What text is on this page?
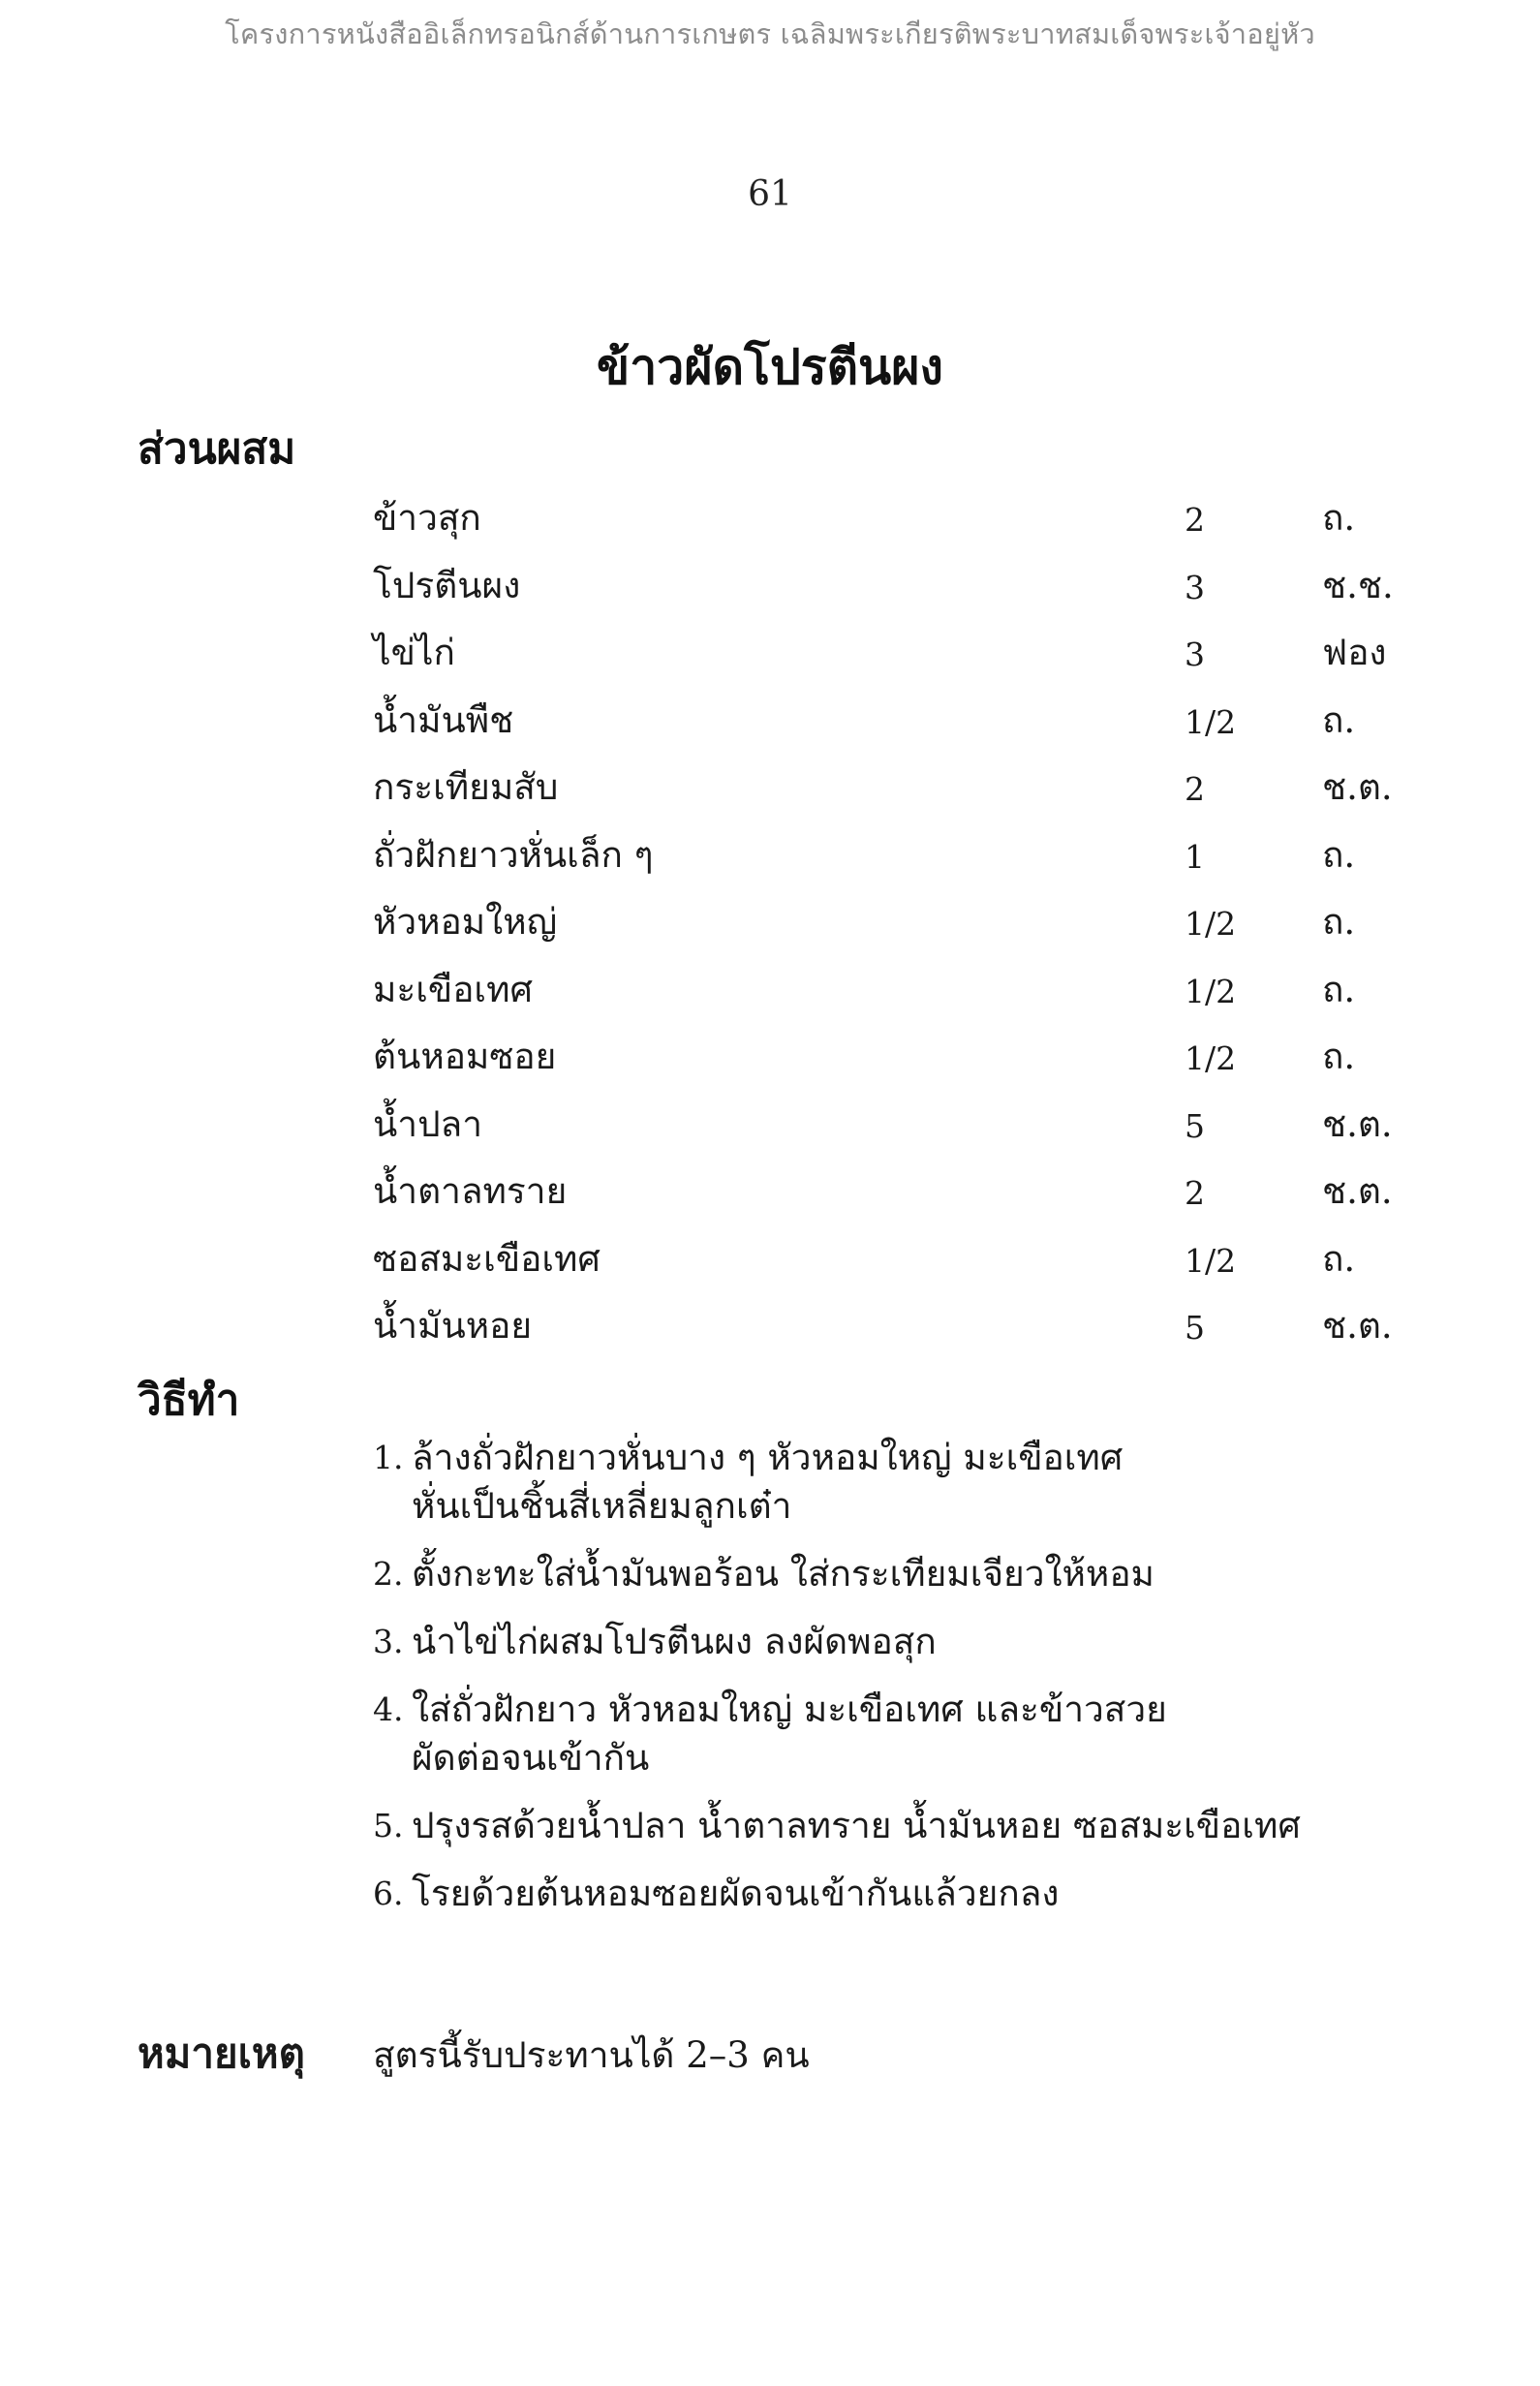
โครงการหนังสืออิเล็กทรอนิกส์ด้านการเกษตร เฉลิมพระเกียรติพระบาทสมเด็จพระเจ้าอยู่หัว
61
ข้าวผัดโปรตีนผง
ส่วนผสม
ข้าวสุก	2	ถ.
โปรตีนผง	3	ช.ช.
ไข่ไก่	3	ฟอง
น้ำมันพืช	1/2 ถ.
กระเทียมสับ	2	ช.ต.
ถั่วฝักยาวหั่นเล็ก ๆ	1	ถ.
หัวหอมใหญ่	1/2 ถ.
มะเขือเทศ	1/2 ถ.
ต้นหอมซอย	1/2 ถ.
น้ำปลา	5	ช.ต.
น้ำตาลทราย	2	ช.ต.
ซอสมะเขือเทศ	1/2 ถ.
น้ำมันหอย	5	ช.ต.
วิธีทำ
1. ล้างถั่วฝักยาวหั่นบาง ๆ หัวหอมใหญ่ มะเขือเทศ
หั่นเป็นชิ้นสี่เหลี่ยมลูกเต๋า
2. ตั้งกะทะใส่น้ำมันพอร้อน ใส่กระเทียมเจียวให้หอม
3. นำไข่ไก่ผสมโปรตีนผง ลงผัดพอสุก
4. ใส่ถั่วฝักยาว หัวหอมใหญ่ มะเขือเทศ และข้าวสวย
ผัดต่อจนเข้ากัน
5. ปรุงรสด้วยน้ำปลา น้ำตาลทราย น้ำมันหอย ซอสมะเขือเทศ
6. โรยด้วยต้นหอมซอยผัดจนเข้ากันแล้วยกลง
หมายเหตุ สูตรนี้รับประทานได้ 2–3 คน
